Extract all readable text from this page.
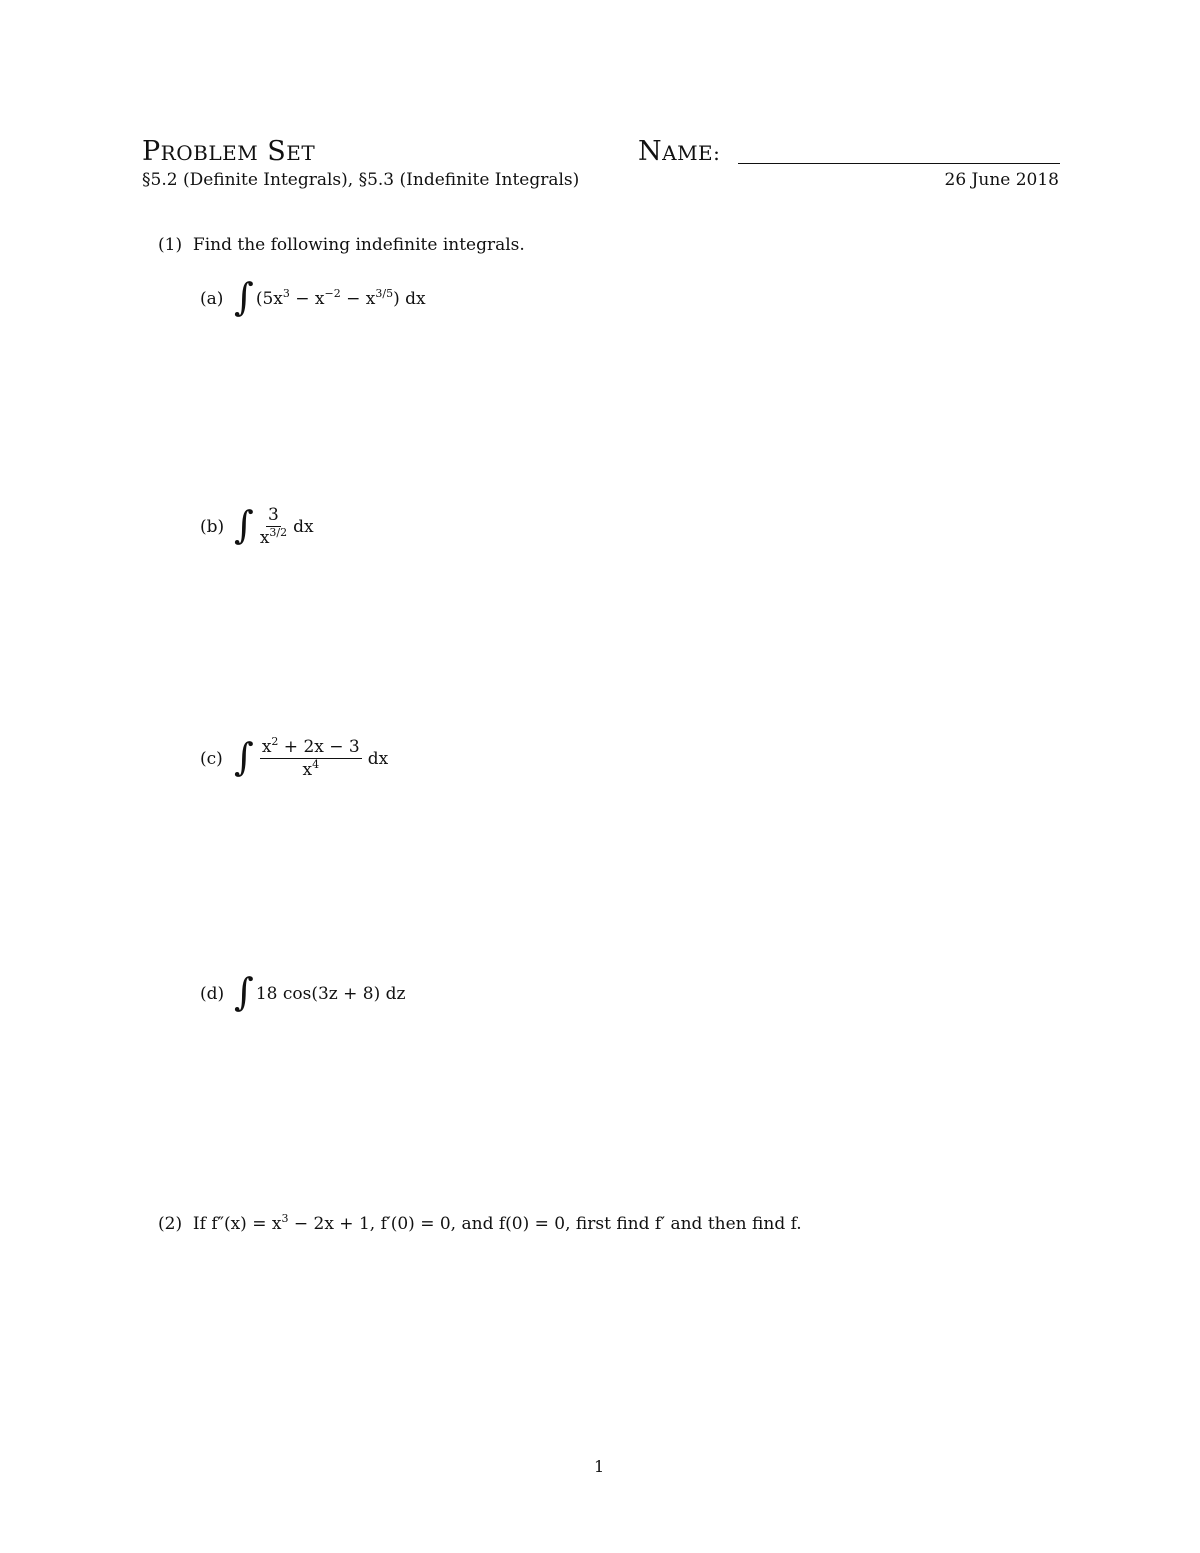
PROBLEM SET	NAME:
§5.2 (Definite Integrals), §5.3 (Indefinite Integrals)	26 June 2018
(1) Find the following indefinite integrals.
(a) ∫ $(5x^3 - x^{-2} - x^{3/5})$ dx
(b) ∫ $\frac{3}{x^{3/2}}$ dx
(c) ∫ $\frac{x^2 + 2x - 3}{x^4}$ dx
(d) ∫ 18 cos(3z + 8) dz
(2) If $f''(x) = x^3 - 2x + 1$, f′(0) = 0, and f(0) = 0, first find f′ and then find f.
1
